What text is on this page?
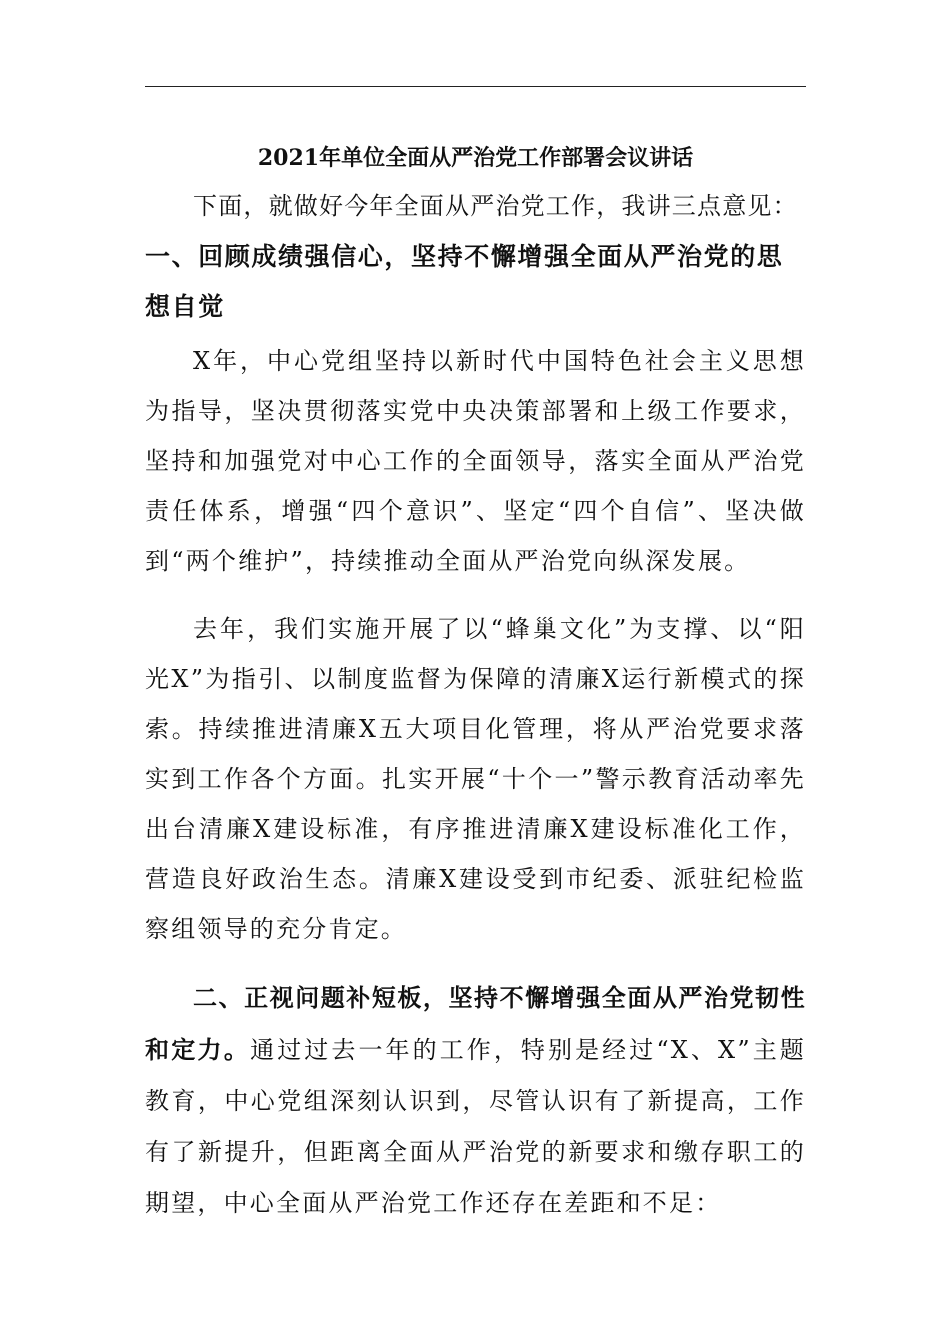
2021年单位全面从严治党工作部署会议讲话

下面，就做好今年全面从严治党工作，我讲三点意见：

一、回顾成绩强信心，坚持不懈增强全面从严治党的思想自觉

X年，中心党组坚持以新时代中国特色社会主义思想为指导，坚决贯彻落实党中央决策部署和上级工作要求，坚持和加强党对中心工作的全面领导，落实全面从严治党责任体系，增强“四个意识”、坚定“四个自信”、坚决做到“两个维护”，持续推动全面从严治党向纵深发展。

去年，我们实施开展了以“蜂巢文化”为支撑、以“阳光X”为指引、以制度监督为保障的清廉X运行新模式的探索。持续推进清廉X五大项目化管理，将从严治党要求落实到工作各个方面。扎实开展“十个一”警示教育活动率先出台清廉X建设标准，有序推进清廉X建设标准化工作，营造良好政治生态。清廉X建设受到市纪委、派驻纪检监察组领导的充分肯定。

二、正视问题补短板，坚持不懈增强全面从严治党韧性和定力。通过过去一年的工作，特别是经过“X、X”主题教育，中心党组深刻认识到，尽管认识有了新提高，工作有了新提升，但距离全面从严治党的新要求和缴存职工的期望，中心全面从严治党工作还存在差距和不足：
